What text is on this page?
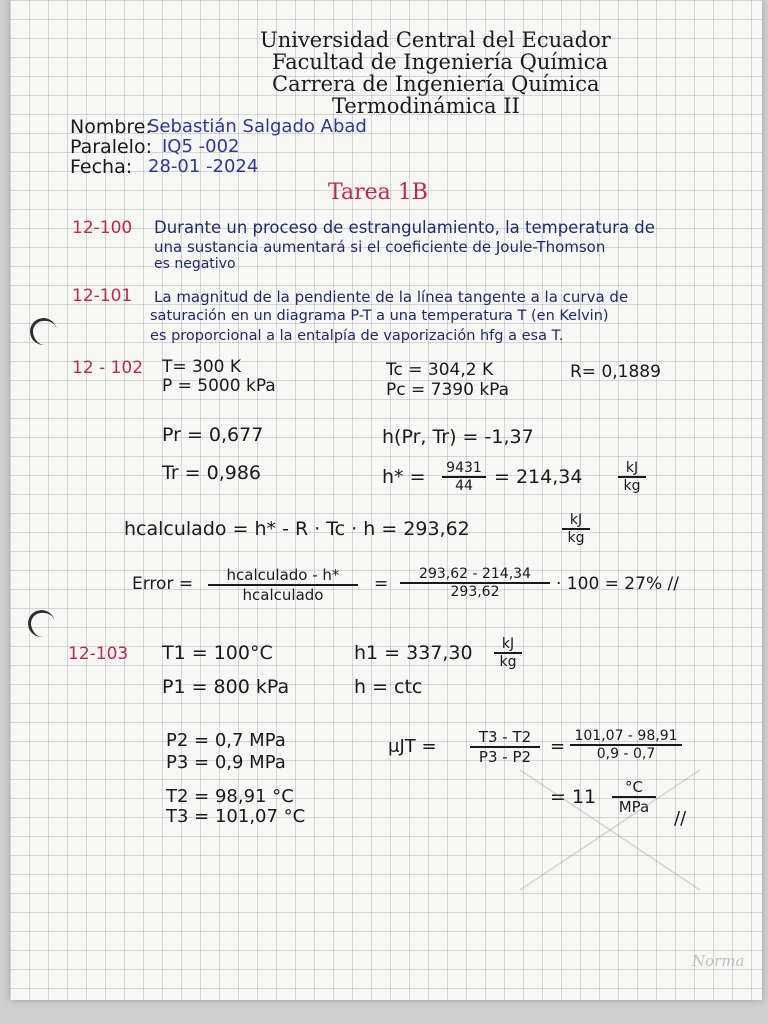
Universidad Central del Ecuador
Facultad de Ingeniería Química
Carrera de Ingeniería Química
Termodinámica II
Nombre:
Sebastián Salgado Abad
Paralelo: IQ5 -002
Fecha: 28-01 -2024
Tarea 1B
12-100 Durante un proceso de estrangulamiento, la temperatura de
una sustancia aumentará si el coeficiente de Joule-Thomson
es negativo
12-101 La magnitud de la pendiente de la línea tangente a la curva de
saturación en un diagrama P-T a una temperatura T (en Kelvin)
es proporcional a la entalpía de vaporización hfg a esa T.
12 - 102 T= 300 K
P = 5000 kPa
Tc = 304,2 K
Pc = 7390 kPa
R= 0,1889
Pr = 0,677
Tr = 0,986
h(Pr, Tr) = -1,37
$h* = \frac{9431}{44} = 214,34$	$\frac{kJ}{kg}$
hcalculado = h* - R · Tc · h = 293,62	$\frac{kJ}{kg}$
Error =	hcalculado - h*
hcalculado
= $\frac{293,62 - 214,34}{293,62} \cdot 100 = 27\%$ //
12-103 T1 = 100°C
P1 = 800 kPa
$h1 = 337,30 \frac{kJ}{kg}$
h = ctc
P2 = 0,7 MPa
P3 = 0,9 MPa
T2 = 98,91 °C
T3 = 101,07 °C
$\mu JT = \frac{T3 - T2}{P3 - P2} = \frac{101,07 - 98,91}{0,9 - 0,7}$
= 11	°C
MPa
//
Norma
